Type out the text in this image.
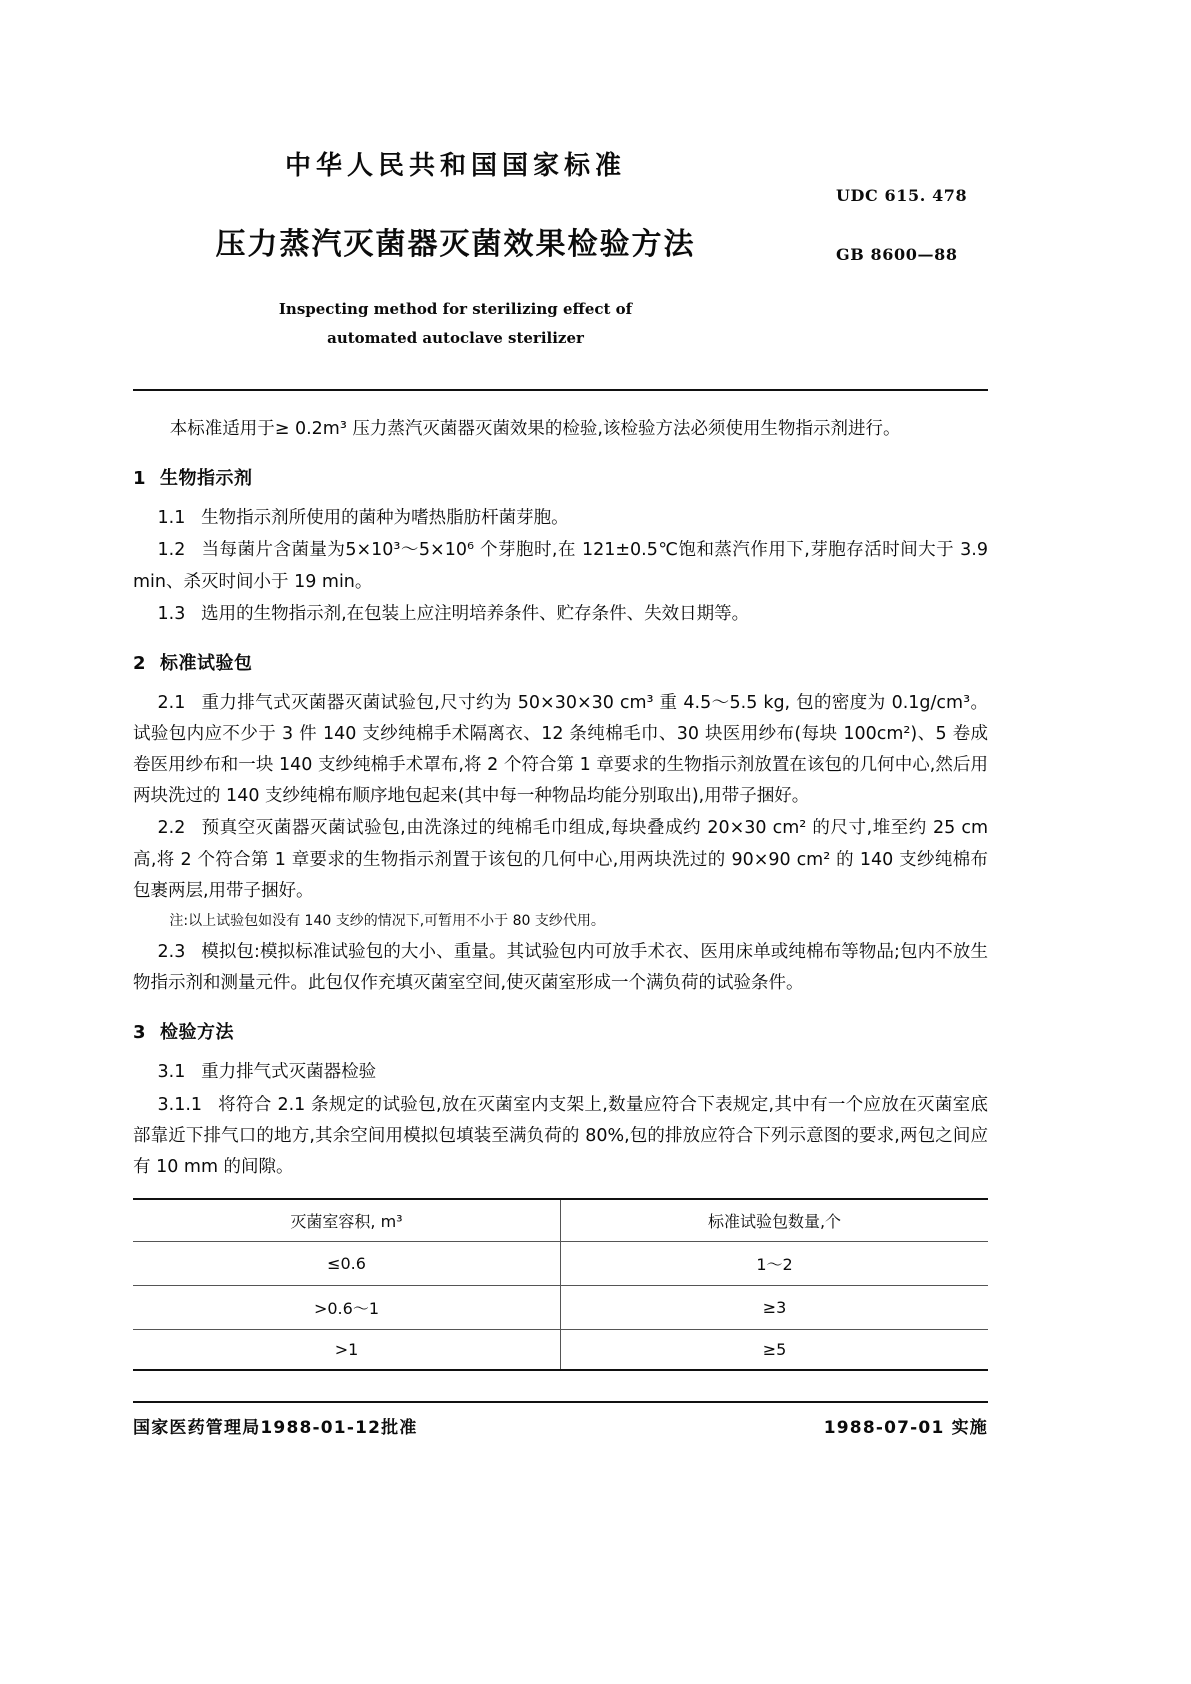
中华人民共和国国家标准
压力蒸汽灭菌器灭菌效果检验方法
Inspecting method for sterilizing effect of
automated autoclave sterilizer
UDC 615. 478
GB 8600—88

本标准适用于≥ 0.2m³ 压力蒸汽灭菌器灭菌效果的检验,该检验方法必须使用生物指示剂进行。

1 生物指示剂

1.1 生物指示剂所使用的菌种为嗜热脂肪杆菌芽胞。

1.2 当每菌片含菌量为5×10³～5×10⁶ 个芽胞时,在 121±0.5℃饱和蒸汽作用下,芽胞存活时间大于 3.9 min、杀灭时间小于 19 min。

1.3 选用的生物指示剂,在包装上应注明培养条件、贮存条件、失效日期等。

2 标准试验包

2.1 重力排气式灭菌器灭菌试验包,尺寸约为 50×30×30 cm³ 重 4.5～5.5 kg, 包的密度为 0.1g/cm³。试验包内应不少于 3 件 140 支纱纯棉手术隔离衣、12 条纯棉毛巾、30 块医用纱布(每块 100cm²)、5 卷成卷医用纱布和一块 140 支纱纯棉手术罩布,将 2 个符合第 1 章要求的生物指示剂放置在该包的几何中心,然后用两块洗过的 140 支纱纯棉布顺序地包起来(其中每一种物品均能分别取出),用带子捆好。

2.2 预真空灭菌器灭菌试验包,由洗涤过的纯棉毛巾组成,每块叠成约 20×30 cm² 的尺寸,堆至约 25 cm 高,将 2 个符合第 1 章要求的生物指示剂置于该包的几何中心,用两块洗过的 90×90 cm² 的 140 支纱纯棉布包裹两层,用带子捆好。

注:以上试验包如没有 140 支纱的情况下,可暂用不小于 80 支纱代用。

2.3 模拟包:模拟标准试验包的大小、重量。其试验包内可放手术衣、医用床单或纯棉布等物品;包内不放生物指示剂和测量元件。此包仅作充填灭菌室空间,使灭菌室形成一个满负荷的试验条件。

3 检验方法

3.1 重力排气式灭菌器检验

3.1.1 将符合 2.1 条规定的试验包,放在灭菌室内支架上,数量应符合下表规定,其中有一个应放在灭菌室底部靠近下排气口的地方,其余空间用模拟包填装至满负荷的 80%,包的排放应符合下列示意图的要求,两包之间应有 10 mm 的间隙。

灭菌室容积, m³	标准试验包数量,个
≤0.6	1～2
>0.6～1	≥3
>1	≥5
国家医药管理局1988-01-12批准	1988-07-01 实施
